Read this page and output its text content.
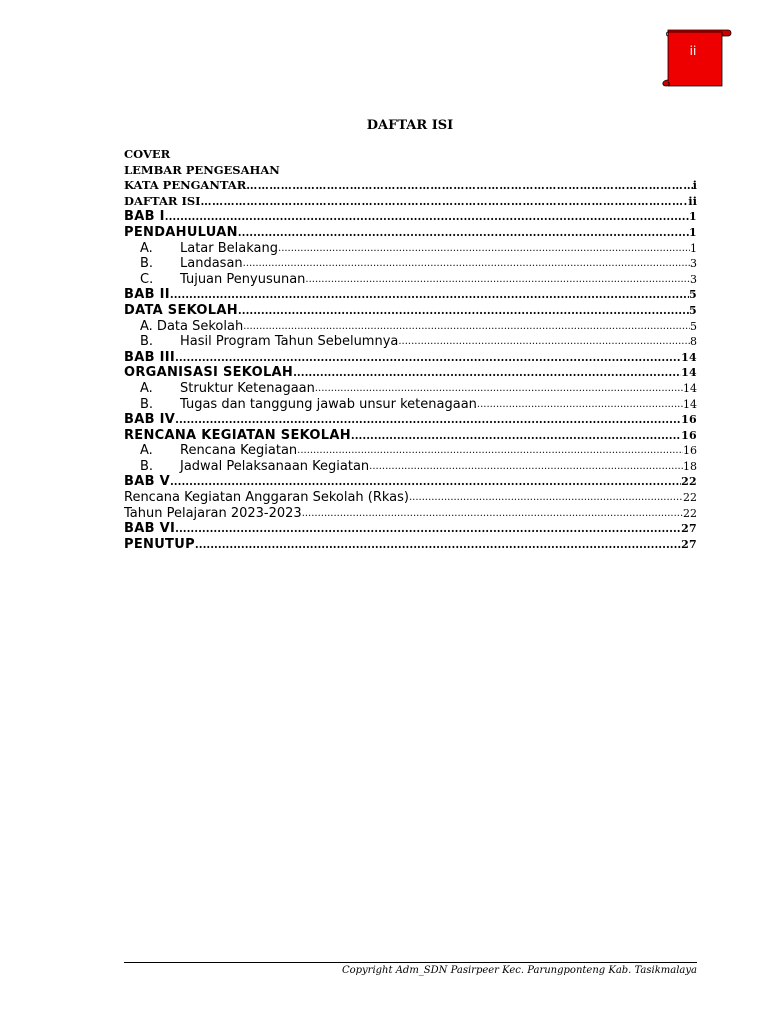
ii
DAFTAR ISI
COVER
LEMBAR PENGESAHAN
KATA PENGANTAR …………………………………………………………………………………………………………………………………………………………………………………………………………	i
DAFTAR ISI …………………………………………………………………………………………………………………………………………………………………………………………………………	ii
BAB I .....	1
PENDAHULUAN .....	1
A. Latar Belakang .....	1
B. Landasan .....	3
C. Tujuan Penyusunan .....	3
BAB II .....	5
DATA SEKOLAH .....	5
A. Data Sekolah .....	5
B. Hasil Program Tahun Sebelumnya .....	8
BAB III .....	14
ORGANISASI SEKOLAH .....	14
A. Struktur Ketenagaan .....	14
B. Tugas dan tanggung jawab unsur ketenagaan .....	14
BAB IV .....	16
RENCANA KEGIATAN SEKOLAH .....	16
A. Rencana Kegiatan .....	16
B. Jadwal Pelaksanaan Kegiatan .....	18
BAB V .....	22
Rencana Kegiatan Anggaran Sekolah (Rkas) .....	22
Tahun Pelajaran 2023-2023 .....	22
BAB VI .....	27
PENUTUP .....	27
Copyright Adm_SDN Pasirpeer Kec. Parungponteng Kab. Tasikmalaya
